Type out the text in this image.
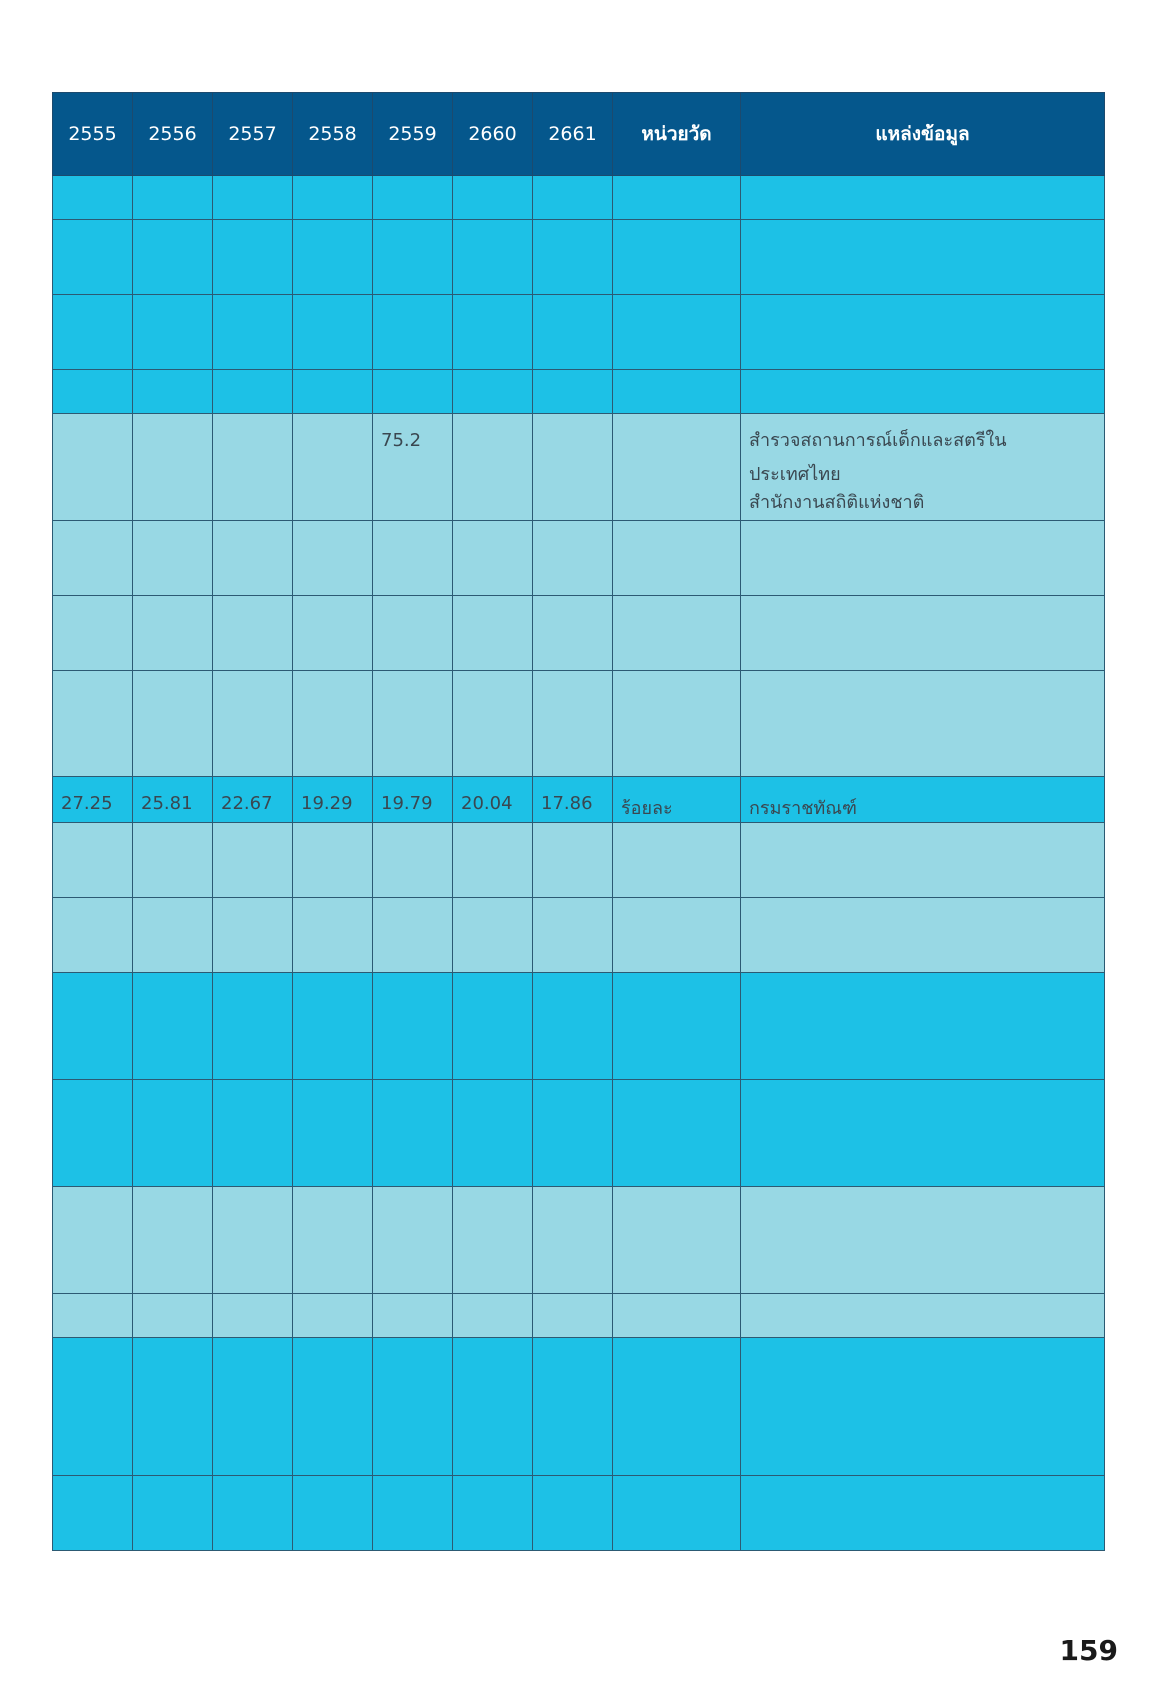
2555	2556	2557	2558	2559	2660	2661	หน่วยวัด	แหล่งข้อมูล

				75.2				สำรวจสถานการณ์เด็กและสตรีในประเทศไทย
สำนักงานสถิติแห่งชาติ

27.25	25.81	22.67	19.29	19.79	20.04	17.86	ร้อยละ	กรมราชทัณฑ์

159
